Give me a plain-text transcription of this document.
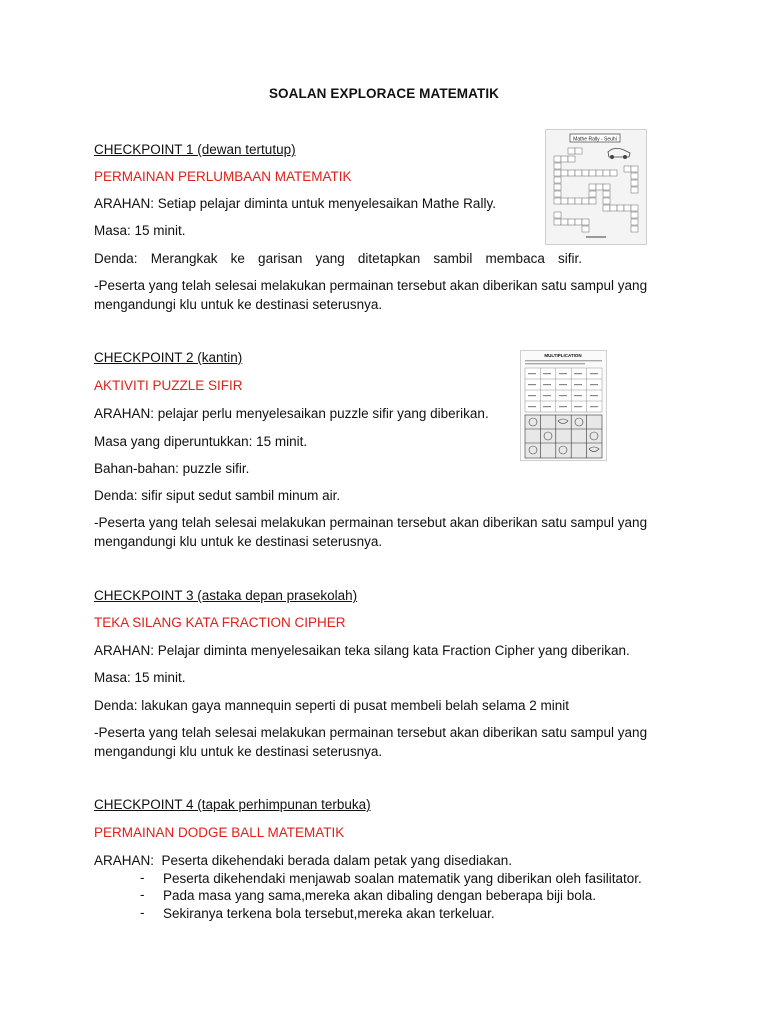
SOALAN EXPLORACE MATEMATIK
CHECKPOINT 1 (dewan tertutup)
PERMAINAN PERLUMBAAN MATEMATIK
ARAHAN: Setiap pelajar diminta untuk menyelesaikan Mathe Rally.
Masa: 15 minit.
Denda: Merangkak ke garisan yang ditetapkan sambil membaca sifir.
-Peserta yang telah selesai melakukan permainan tersebut akan diberikan satu sampul yang mengandungi klu untuk ke destinasi seterusnya.
Mathe Rally - Seuhi
CHECKPOINT 2 (kantin)
AKTIVITI PUZZLE SIFIR
ARAHAN: pelajar perlu menyelesaikan puzzle sifir yang diberikan.
Masa yang diperuntukkan: 15 minit.
Bahan-bahan: puzzle sifir.
Denda: sifir siput sedut sambil minum air.
-Peserta yang telah selesai melakukan permainan tersebut akan diberikan satu sampul yang mengandungi klu untuk ke destinasi seterusnya.
MULTIPLICATION
CHECKPOINT 3 (astaka depan prasekolah)
TEKA SILANG KATA FRACTION CIPHER
ARAHAN: Pelajar diminta menyelesaikan teka silang kata Fraction Cipher yang diberikan.
Masa: 15 minit.
Denda: lakukan gaya mannequin seperti di pusat membeli belah selama 2 minit
-Peserta yang telah selesai melakukan permainan tersebut akan diberikan satu sampul yang mengandungi klu untuk ke destinasi seterusnya.
CHECKPOINT 4 (tapak perhimpunan terbuka)
PERMAINAN DODGE BALL MATEMATIK
ARAHAN:  Peserta dikehendaki berada dalam petak yang disediakan.
- Peserta dikehendaki menjawab soalan matematik yang diberikan oleh fasilitator.
- Pada masa yang sama,mereka akan dibaling dengan beberapa biji bola.
- Sekiranya terkena bola tersebut,mereka akan terkeluar.
